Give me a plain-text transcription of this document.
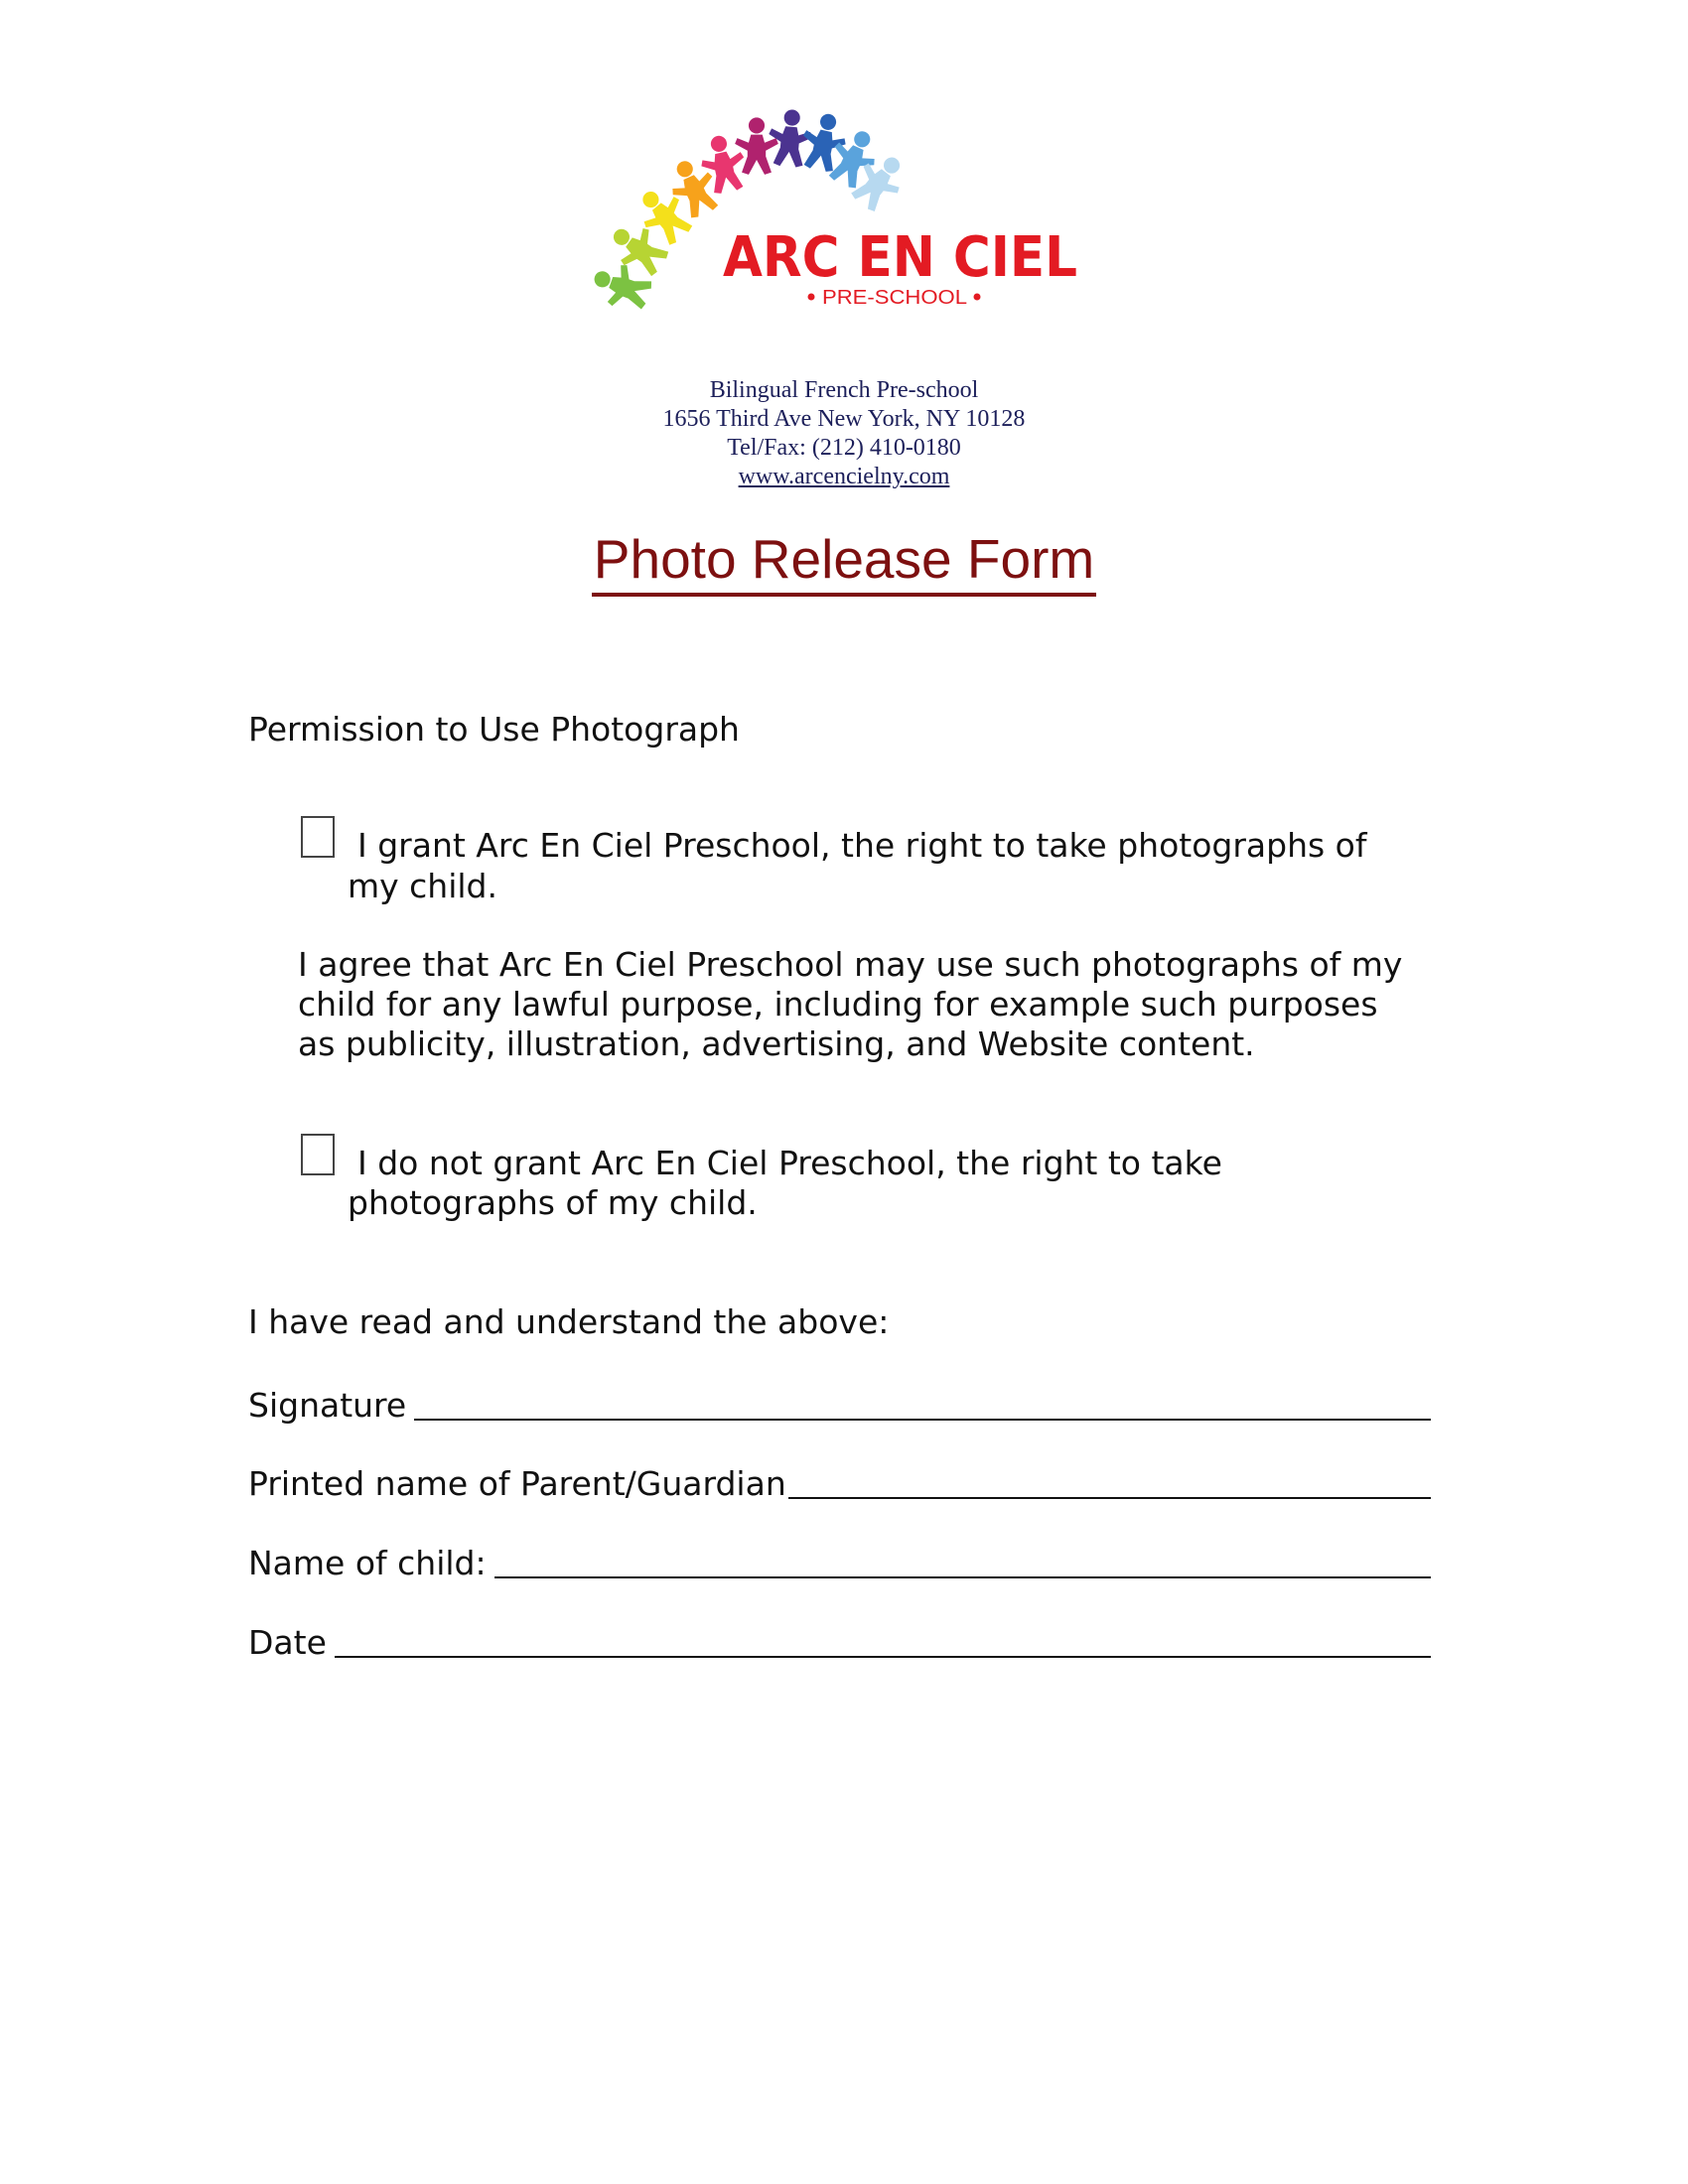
ARC EN CIEL
PRE-SCHOOL
Bilingual French Pre-school
1656 Third Ave New York, NY 10128
Tel/Fax: (212) 410-0180
www.arcencielny.com
Photo Release Form
Permission to Use Photograph
I grant Arc En Ciel Preschool, the right to take photographs of
my child.
I agree that Arc En Ciel Preschool may use such photographs of my
child for any lawful purpose, including for example such purposes
as publicity, illustration, advertising, and Website content.
I do not grant Arc En Ciel Preschool, the right to take
photographs of my child.
I have read and understand the above:
Signature
Printed name of Parent/Guardian
Name of child:
Date
